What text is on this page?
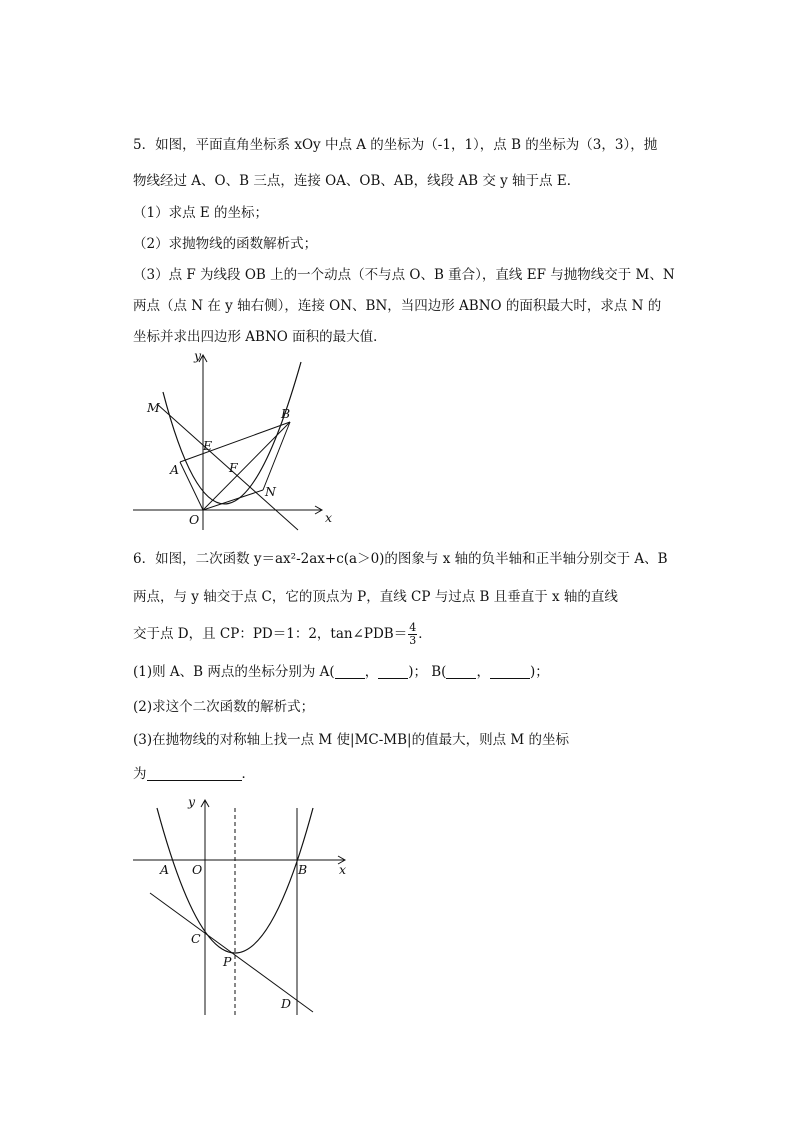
5．如图，平面直角坐标系 xOy 中点 A 的坐标为（-1，1），点 B 的坐标为（3，3），抛
物线经过 A、O、B 三点，连接 OA、OB、AB，线段 AB 交 y 轴于点 E．
（1）求点 E 的坐标；
（2）求抛物线的函数解析式；
（3）点 F 为线段 OB 上的一个动点（不与点 O、B 重合），直线 EF 与抛物线交于 M、N
两点（点 N 在 y 轴右侧），连接 ON、BN，当四边形 ABNO 的面积最大时，求点 N 的
坐标并求出四边形 ABNO 面积的最大值．
y
x
M	B
E
A	F
N
O
6．如图，二次函数 y＝ax²-2ax+c(a＞0)的图象与 x 轴的负半轴和正半轴分别交于 A、B
两点，与 y 轴交于点 C，它的顶点为 P，直线 CP 与过点 B 且垂直于 x 轴的直线
交于点 D，且 CP：PD＝1：2，tan∠PDB＝ $\frac{4}{3}$ ．
(1)则 A、B 两点的坐标分别为 A( ， )； B( ，	)；
(2)求这个二次函数的解析式；
(3)在抛物线的对称轴上找一点 M 使|MC-MB|的值最大，则点 M 的坐标
为	．
y
x
A O	B
C
P
D
